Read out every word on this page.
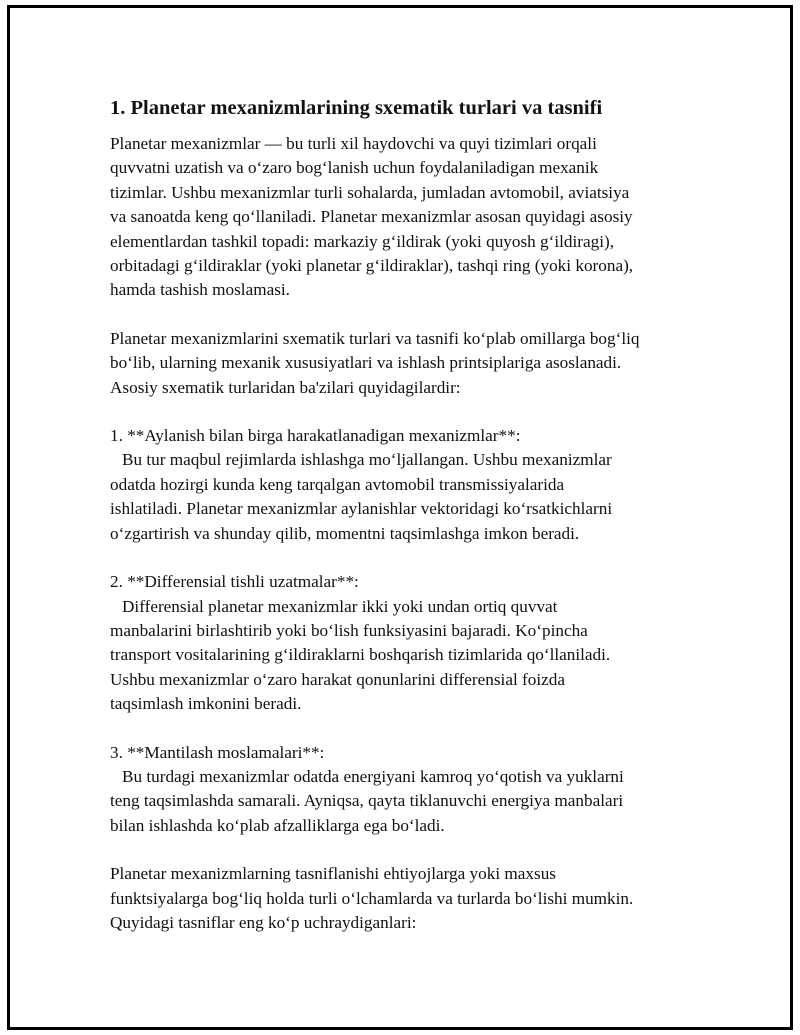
1. Planetar mexanizmlarining sxematik turlari va tasnifi
Planetar mexanizmlar — bu turli xil haydovchi va quyi tizimlari orqali
quvvatni uzatish va o‘zaro bog‘lanish uchun foydalaniladigan mexanik
tizimlar. Ushbu mexanizmlar turli sohalarda, jumladan avtomobil, aviatsiya
va sanoatda keng qo‘llaniladi. Planetar mexanizmlar asosan quyidagi asosiy
elementlardan tashkil topadi: markaziy g‘ildirak (yoki quyosh g‘ildiragi),
orbitadagi g‘ildiraklar (yoki planetar g‘ildiraklar), tashqi ring (yoki korona),
hamda tashish moslamasi.
Planetar mexanizmlarini sxematik turlari va tasnifi ko‘plab omillarga bog‘liq
bo‘lib, ularning mexanik xususiyatlari va ishlash printsiplariga asoslanadi.
Asosiy sxematik turlaridan ba'zilari quyidagilardir:
1. **Aylanish bilan birga harakatlanadigan mexanizmlar**:
Bu tur maqbul rejimlarda ishlashga mo‘ljallangan. Ushbu mexanizmlar
odatda hozirgi kunda keng tarqalgan avtomobil transmissiyalarida
ishlatiladi. Planetar mexanizmlar aylanishlar vektoridagi ko‘rsatkichlarni
o‘zgartirish va shunday qilib, momentni taqsimlashga imkon beradi.
2. **Differensial tishli uzatmalar**:
Differensial planetar mexanizmlar ikki yoki undan ortiq quvvat
manbalarini birlashtirib yoki bo‘lish funksiyasini bajaradi. Ko‘pincha
transport vositalarining g‘ildiraklarni boshqarish tizimlarida qo‘llaniladi.
Ushbu mexanizmlar o‘zaro harakat qonunlarini differensial foizda
taqsimlash imkonini beradi.
3. **Mantilash moslamalari**:
Bu turdagi mexanizmlar odatda energiyani kamroq yo‘qotish va yuklarni
teng taqsimlashda samarali. Ayniqsa, qayta tiklanuvchi energiya manbalari
bilan ishlashda ko‘plab afzalliklarga ega bo‘ladi.
Planetar mexanizmlarning tasniflanishi ehtiyojlarga yoki maxsus
funktsiyalarga bog‘liq holda turli o‘lchamlarda va turlarda bo‘lishi mumkin.
Quyidagi tasniflar eng ko‘p uchraydiganlari:
